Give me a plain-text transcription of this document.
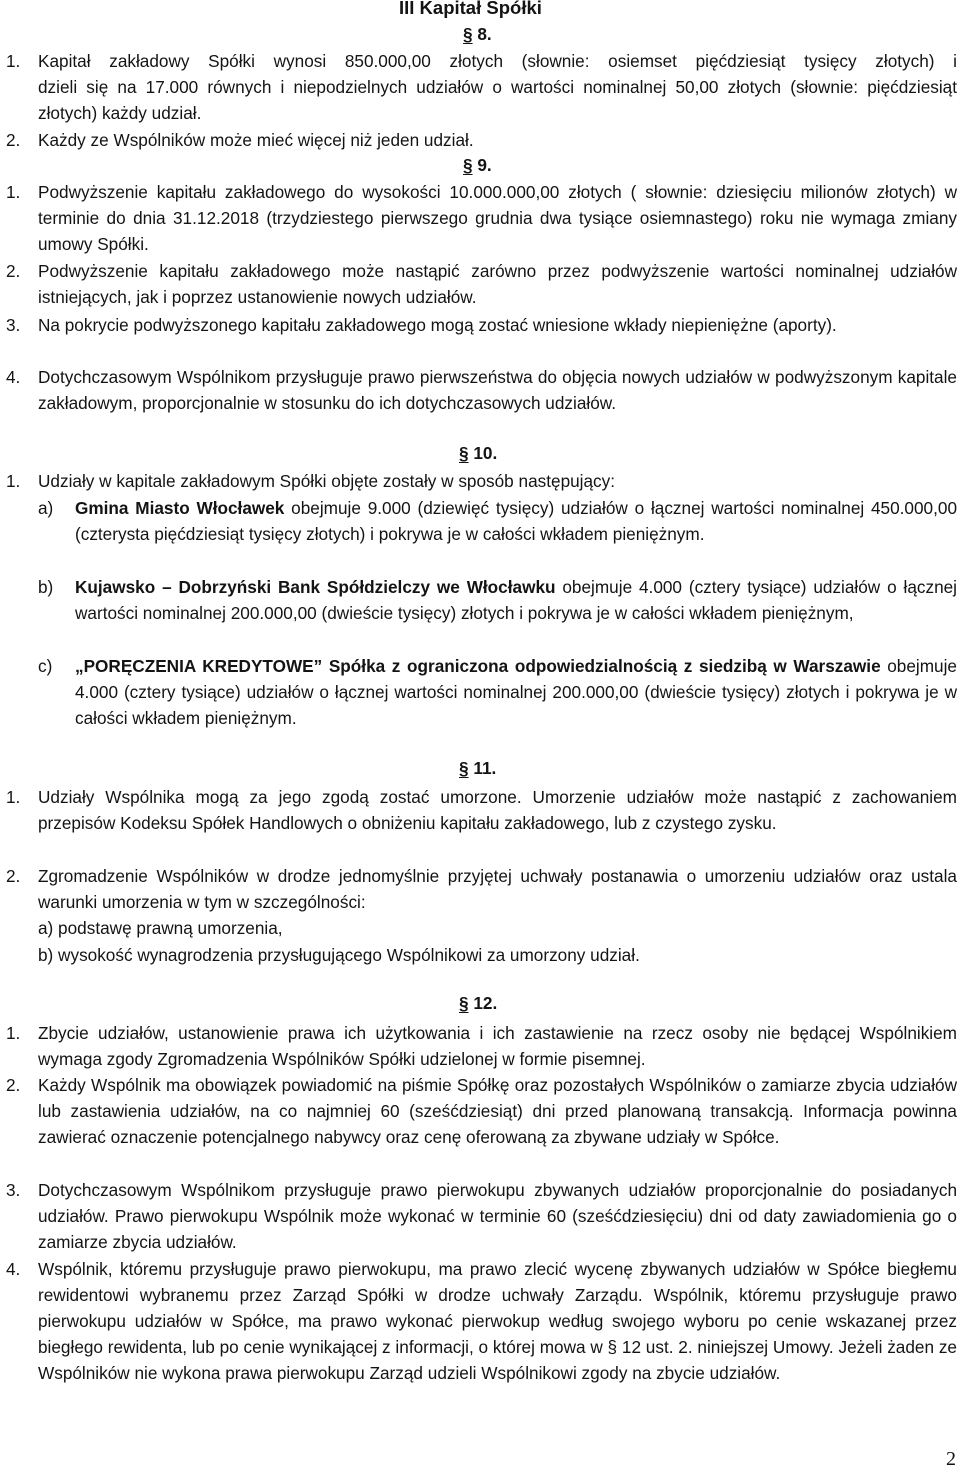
III Kapitał Spółki
§ 8.
1. Kapitał zakładowy Spółki wynosi 850.000,00 złotych (słownie: osiemset pięćdziesiąt tysięcy złotych) i
dzieli się na 17.000 równych i niepodzielnych udziałów o wartości nominalnej 50,00 złotych (słownie: pięćdziesiąt złotych) każdy udział.
2. Każdy ze Wspólników może mieć więcej niż jeden udział.
§ 9.
1. Podwyższenie kapitału zakładowego do wysokości 10.000.000,00 złotych ( słownie: dziesięciu milionów złotych) w terminie do dnia 31.12.2018 (trzydziestego pierwszego grudnia dwa tysiące osiemnastego) roku nie wymaga zmiany umowy Spółki.
2. Podwyższenie kapitału zakładowego może nastąpić zarówno przez podwyższenie wartości nominalnej udziałów istniejących, jak i poprzez ustanowienie nowych udziałów.
3. Na pokrycie podwyższonego kapitału zakładowego mogą zostać wniesione wkłady niepieniężne (aporty).
4. Dotychczasowym Wspólnikom przysługuje prawo pierwszeństwa do objęcia nowych udziałów w podwyższonym kapitale zakładowym, proporcjonalnie w stosunku do ich dotychczasowych udziałów.
§ 10.
1. Udziały w kapitale zakładowym Spółki objęte zostały w sposób następujący:
a) Gmina Miasto Włocławek obejmuje 9.000 (dziewięć tysięcy) udziałów o łącznej wartości nominalnej 450.000,00 (czterysta pięćdziesiąt tysięcy złotych) i pokrywa je w całości wkładem pieniężnym.
b) Kujawsko – Dobrzyński Bank Spółdzielczy we Włocławku obejmuje 4.000 (cztery tysiące) udziałów o łącznej wartości nominalnej 200.000,00 (dwieście tysięcy) złotych i pokrywa je w całości wkładem pieniężnym,
c) „PORĘCZENIA KREDYTOWE” Spółka z ograniczona odpowiedzialnością z siedzibą w Warszawie obejmuje 4.000 (cztery tysiące) udziałów o łącznej wartości nominalnej 200.000,00 (dwieście tysięcy) złotych i pokrywa je w całości wkładem pieniężnym.
§ 11.
1. Udziały Wspólnika mogą za jego zgodą zostać umorzone. Umorzenie udziałów może nastąpić z zachowaniem przepisów Kodeksu Spółek Handlowych o obniżeniu kapitału zakładowego, lub z czystego zysku.
2. Zgromadzenie Wspólników w drodze jednomyślnie przyjętej uchwały postanawia o umorzeniu udziałów oraz ustala warunki umorzenia w tym w szczególności:
a) podstawę prawną umorzenia,
b) wysokość wynagrodzenia przysługującego Wspólnikowi za umorzony udział.
§ 12.
1. Zbycie udziałów, ustanowienie prawa ich użytkowania i ich zastawienie na rzecz osoby nie będącej Wspólnikiem wymaga zgody Zgromadzenia Wspólników Spółki udzielonej w formie pisemnej.
2. Każdy Wspólnik ma obowiązek powiadomić na piśmie Spółkę oraz pozostałych Wspólników o zamiarze zbycia udziałów lub zastawienia udziałów, na co najmniej 60 (sześćdziesiąt) dni przed planowaną transakcją. Informacja powinna zawierać oznaczenie potencjalnego nabywcy oraz cenę oferowaną za zbywane udziały w Spółce.
3. Dotychczasowym Wspólnikom przysługuje prawo pierwokupu zbywanych udziałów proporcjonalnie do posiadanych udziałów. Prawo pierwokupu Wspólnik może wykonać w terminie 60 (sześćdziesięciu) dni od daty zawiadomienia go o zamiarze zbycia udziałów.
4. Wspólnik, któremu przysługuje prawo pierwokupu, ma prawo zlecić wycenę zbywanych udziałów w Spółce biegłemu rewidentowi wybranemu przez Zarząd Spółki w drodze uchwały Zarządu. Wspólnik, któremu przysługuje prawo pierwokupu udziałów w Spółce, ma prawo wykonać pierwokup według swojego wyboru po cenie wskazanej przez biegłego rewidenta, lub po cenie wynikającej z informacji, o której mowa w § 12 ust. 2. niniejszej Umowy. Jeżeli żaden ze Wspólników nie wykona prawa pierwokupu Zarząd udzieli Wspólnikowi zgody na zbycie udziałów.
2
